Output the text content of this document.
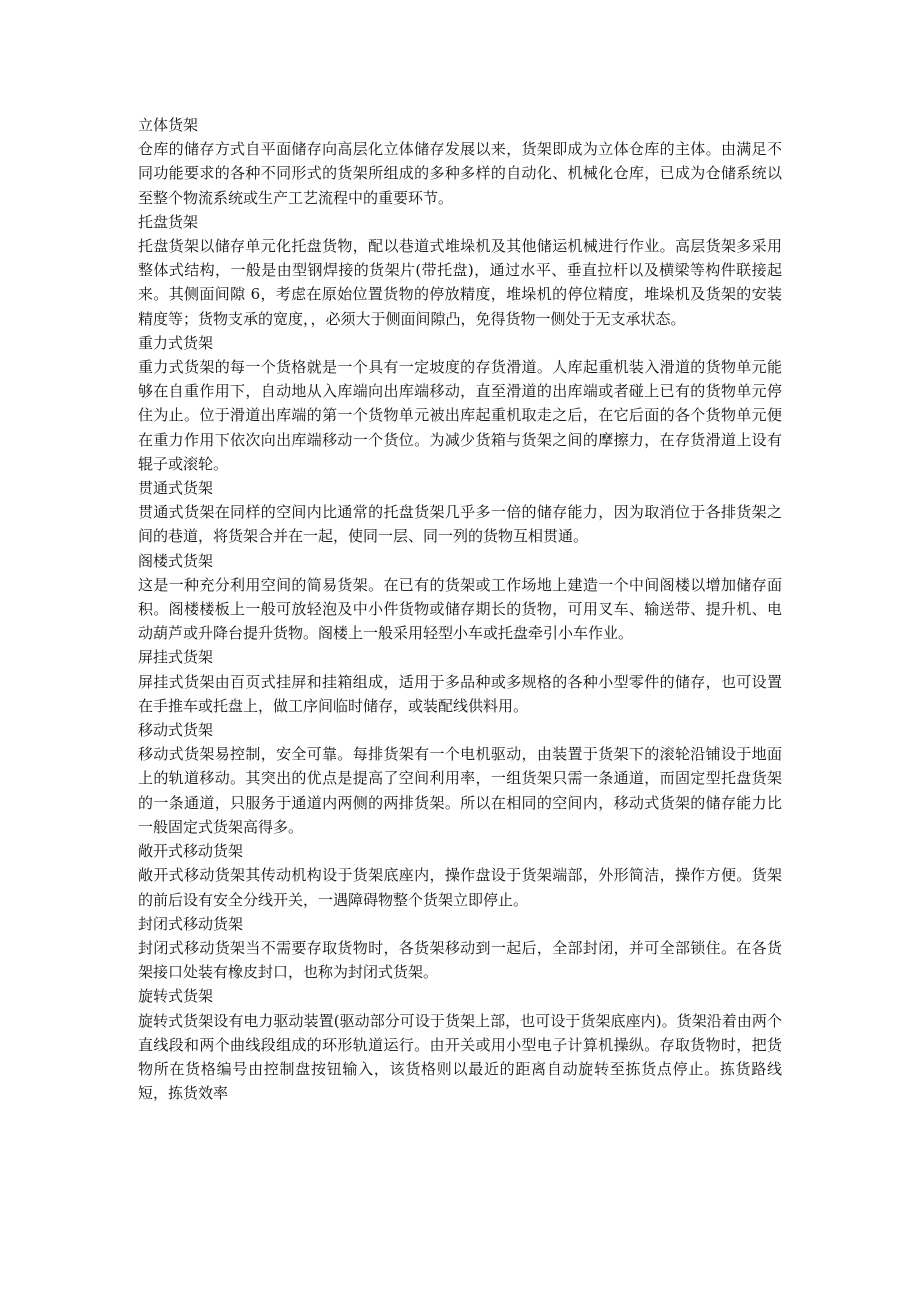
立体货架
仓库的储存方式自平面储存向高层化立体储存发展以来，货架即成为立体仓库的主体。由满足不同功能要求的各种不同形式的货架所组成的多种多样的自动化、机械化仓库，已成为仓储系统以至整个物流系统或生产工艺流程中的重要环节。
托盘货架
托盘货架以储存单元化托盘货物，配以巷道式堆垛机及其他储运机械进行作业。高层货架多采用整体式结构，一般是由型钢焊接的货架片(带托盘)，通过水平、垂直拉杆以及横梁等构件联接起来。其侧面间隙 6，考虑在原始位置货物的停放精度，堆垛机的停位精度，堆垛机及货架的安装精度等；货物支承的宽度，，必须大于侧面间隙凸，免得货物一侧处于无支承状态。
重力式货架
重力式货架的每一个货格就是一个具有一定坡度的存货滑道。人库起重机装入滑道的货物单元能够在自重作用下，自动地从入库端向出库端移动，直至滑道的出库端或者碰上已有的货物单元停住为止。位于滑道出库端的第一个货物单元被出库起重机取走之后，在它后面的各个货物单元便在重力作用下依次向出库端移动一个货位。为减少货箱与货架之间的摩擦力，在存货滑道上设有辊子或滚轮。
贯通式货架
贯通式货架在同样的空间内比通常的托盘货架几乎多一倍的储存能力，因为取消位于各排货架之间的巷道，将货架合并在一起，使同一层、同一列的货物互相贯通。
阁楼式货架
这是一种充分利用空间的简易货架。在已有的货架或工作场地上建造一个中间阁楼以增加储存面积。阁楼楼板上一般可放轻泡及中小件货物或储存期长的货物，可用叉车、输送带、提升机、电动葫芦或升降台提升货物。阁楼上一般采用轻型小车或托盘牵引小车作业。
屏挂式货架
屏挂式货架由百页式挂屏和挂箱组成，适用于多品种或多规格的各种小型零件的储存，也可设置在手推车或托盘上，做工序间临时储存，或装配线供料用。
移动式货架
移动式货架易控制，安全可靠。每排货架有一个电机驱动，由装置于货架下的滚轮沿铺设于地面上的轨道移动。其突出的优点是提高了空间利用率，一组货架只需一条通道，而固定型托盘货架的一条通道，只服务于通道内两侧的两排货架。所以在相同的空间内，移动式货架的储存能力比一般固定式货架高得多。
敞开式移动货架
敞开式移动货架其传动机构设于货架底座内，操作盘设于货架端部，外形简洁，操作方便。货架的前后设有安全分线开关，一遇障碍物整个货架立即停止。
封闭式移动货架
封闭式移动货架当不需要存取货物时，各货架移动到一起后，全部封闭，并可全部锁住。在各货架接口处装有橡皮封口，也称为封闭式货架。
旋转式货架
旋转式货架设有电力驱动装置(驱动部分可设于货架上部，也可设于货架底座内)。货架沿着由两个直线段和两个曲线段组成的环形轨道运行。由开关或用小型电子计算机操纵。存取货物时，把货物所在货格编号由控制盘按钮输入，该货格则以最近的距离自动旋转至拣货点停止。拣货路线短，拣货效率
